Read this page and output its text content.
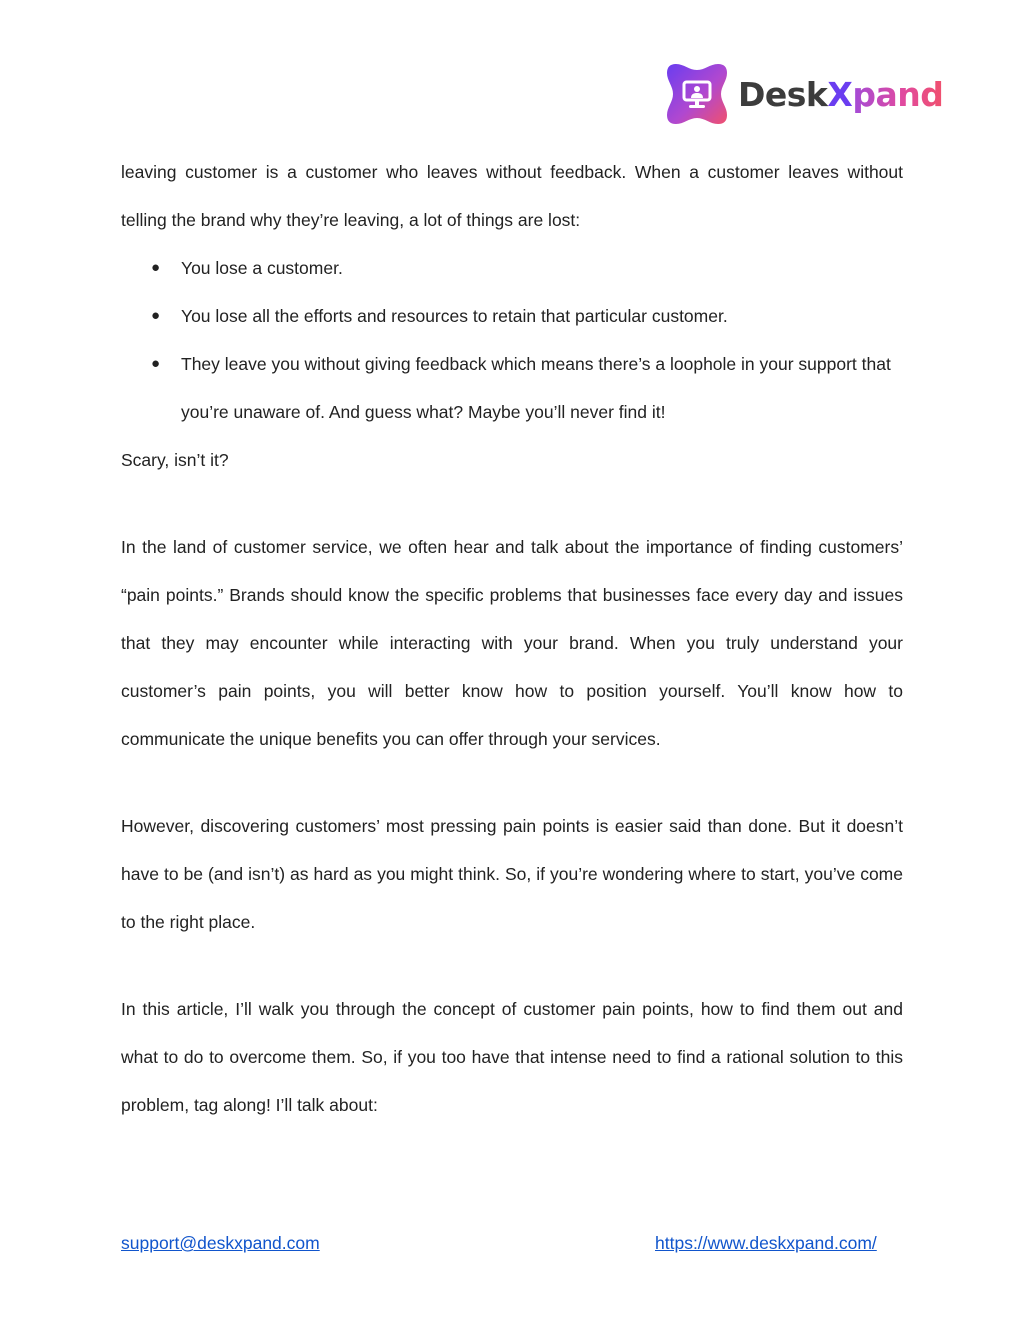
DeskXpand

leaving customer is a customer who leaves without feedback. When a customer leaves without telling the brand why they’re leaving, a lot of things are lost:

● You lose a customer.
● You lose all the efforts and resources to retain that particular customer.
● They leave you without giving feedback which means there’s a loophole in your support that you’re unaware of. And guess what? Maybe you’ll never find it!

Scary, isn’t it?

In the land of customer service, we often hear and talk about the importance of finding customers’ “pain points.” Brands should know the specific problems that businesses face every day and issues that they may encounter while interacting with your brand. When you truly understand your customer’s pain points, you will better know how to position yourself. You’ll know how to communicate the unique benefits you can offer through your services.

However, discovering customers’ most pressing pain points is easier said than done. But it doesn’t have to be (and isn’t) as hard as you might think. So, if you’re wondering where to start, you’ve come to the right place.

In this article, I’ll walk you through the concept of customer pain points, how to find them out and what to do to overcome them. So, if you too have that intense need to find a rational solution to this problem, tag along! I’ll talk about:

support@deskxpand.com	https://www.deskxpand.com/
